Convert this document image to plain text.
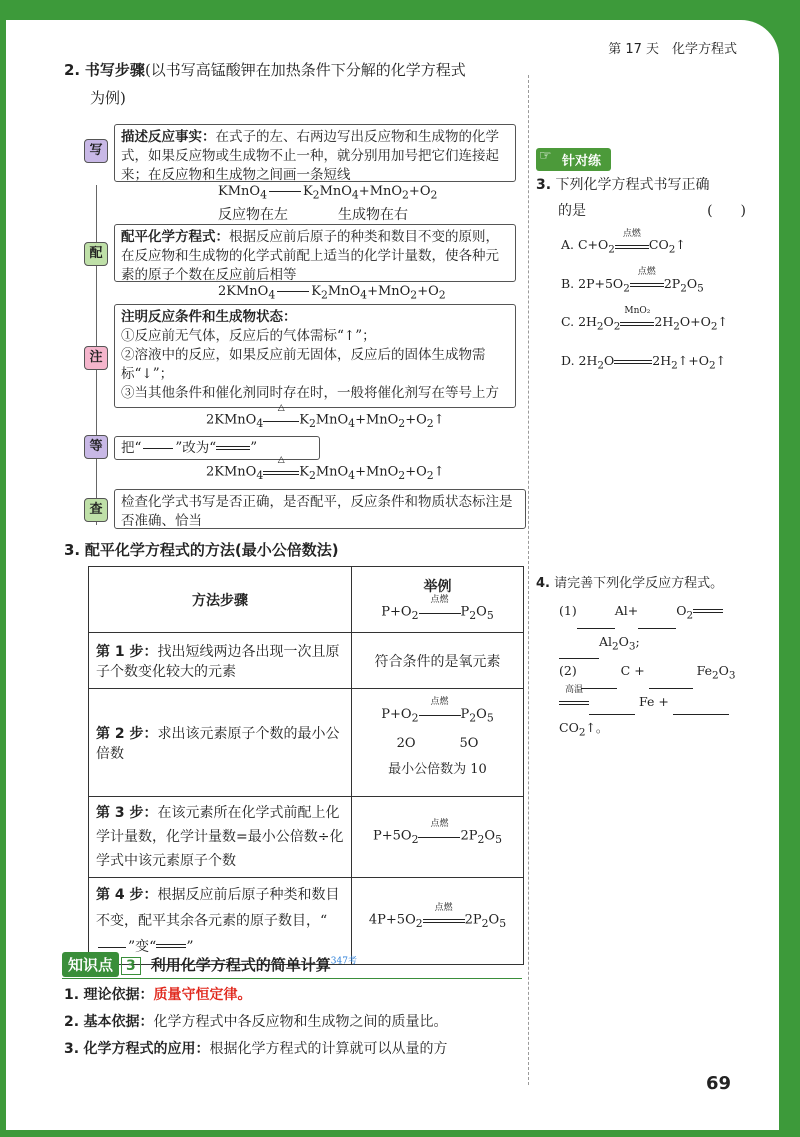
第 17 天　化学方程式
2. 书写步骤(以书写高锰酸钾在加热条件下分解的化学方程式
为例)
写
描述反应事实：在式子的左、右两边写出反应物和生成物的化学式，如果反应物或生成物不止一种，就分别用加号把它们连接起来；在反应物和生成物之间画一条短线
KMnO$_4$	$K_2MnO_4+MnO_2+O_2$
反应物在左	生成物在右
配
配平化学方程式：根据反应前后原子的种类和数目不变的原则，在反应物和生成物的化学式前配上适当的化学计量数，使各种元素的原子个数在反应前后相等
2KMnO$_4$	$K_2MnO_4+MnO_2+O_2$
注
注明反应条件和生成物状态：
①反应前无气体，反应后的气体需标“↑”；
②溶液中的反应，如果反应前无固体，反应后的固体生成物需标“↓”；
③当其他条件和催化剂同时存在时，一般将催化剂写在等号上方
2KMnO$_4$
△
$K_2MnO_4+MnO_2+O_2↑$
等	把“	”改为“	”
2KMnO$_4$
△
$K_2MnO_4+MnO_2+O_2↑$
查	检查化学式书写是否正确，是否配平，反应条件和物质状态标注是否准确、恰当
3. 配平化学方程式的方法(最小公倍数法)
方法步骤	举例
$P+O_2$
点燃
$P_2O_5$

第 1 步：找出短线两边各出现一次且原子个数变化较大的元素	符合条件的是氧元素
第 2 步：求出该元素原子个数的最小公倍数	$P+O_2$
点燃
$P_2O_5$
2O 5O
最小公倍数为 10

第 3 步：在该元素所在化学式前配上化学计量数，化学计量数=最小公倍数÷化学式中该元素原子个数	$P+5O_2$
点燃
$2P_2O_5$
第 4 步：根据反应前后原子种类和数目不变，配平其余各元素的原子数目，“”变“ ”	$4P+5O_2$
点燃
$2P_2O_5$
知识点 3 利用化学方程式的简单计算$^{347考}$
1. 理论依据：质量守恒定律。
2. 基本依据：化学方程式中各反应物和生成物之间的质量比。
3. 化学方程式的应用：根据化学方程式的计算就可以从量的方
☞ 针对练
3. 下列化学方程式书写正确
的是	(　　)
A. $C+O_2$
点燃
$CO_2↑$
B. $2P+5O_2$
点燃
$2P_2O_5$
C. $2H_2O_2$
MnO₂
$2H_2O+O_2↑$
D. $2H_2O$	$2H_2↑+O_2↑$
4. 请完善下列化学反应方程式。
(1)	Al+	$O_2$
$Al_2O_3$;
(2)	C +	$Fe_2O_3$
高温
Fe +
$CO_2↑$。
69
